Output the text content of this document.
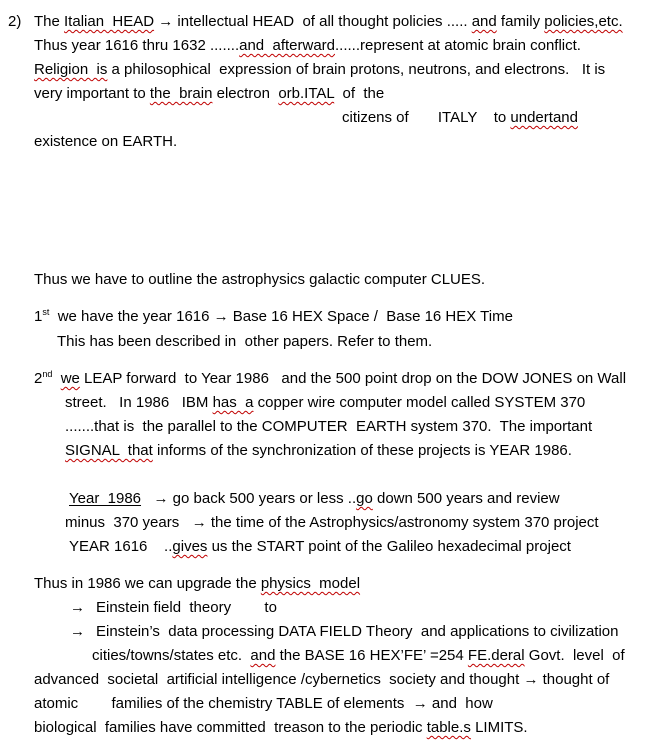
2) The Italian  HEAD → intellectual HEAD  of all thought policies ..... and family policies,etc.
Thus year 1616 thru 1632 .......and  afterward......represent at atomic brain conflict.
Religion  is a philosophical  expression of brain protons, neutrons, and electrons.   It is
very important to the  brain electron  orb.ITAL  of  the
citizens of       ITALY    to undertand
existence on EARTH.
Thus we have to outline the astrophysics galactic computer CLUES.
1st  we have the year 1616 → Base 16 HEX Space /  Base 16 HEX Time
This has been described in  other papers. Refer to them.
2nd we LEAP forward  to Year 1986   and the 500 point drop on the DOW JONES on Wall
street.   In 1986   IBM has  a copper wire computer model called SYSTEM 370
.......that is  the parallel to the COMPUTER  EARTH system 370.  The important
SIGNAL  that informs of the synchronization of these projects is YEAR 1986.
Year  1986   → go back 500 years or less ..go down 500 years and review
minus  370 years   → the time of the Astrophysics/astronomy system 370 project
YEAR 1616    ..gives us the START point of the Galileo hexadecimal project
Thus in 1986 we can upgrade the physics  model
→ Einstein field  theory        to
→ Einstein’s  data processing DATA FIELD Theory  and applications to civilization
cities/towns/states etc.  and the BASE 16 HEX’FE’ =254 FE.deral Govt.  level  of
advanced  societal  artificial intelligence /cybernetics  society and thought → thought of
atomic        families of the chemistry TABLE of elements  → and  how
biological  families have committed  treason to the periodic table.s LIMITS.
